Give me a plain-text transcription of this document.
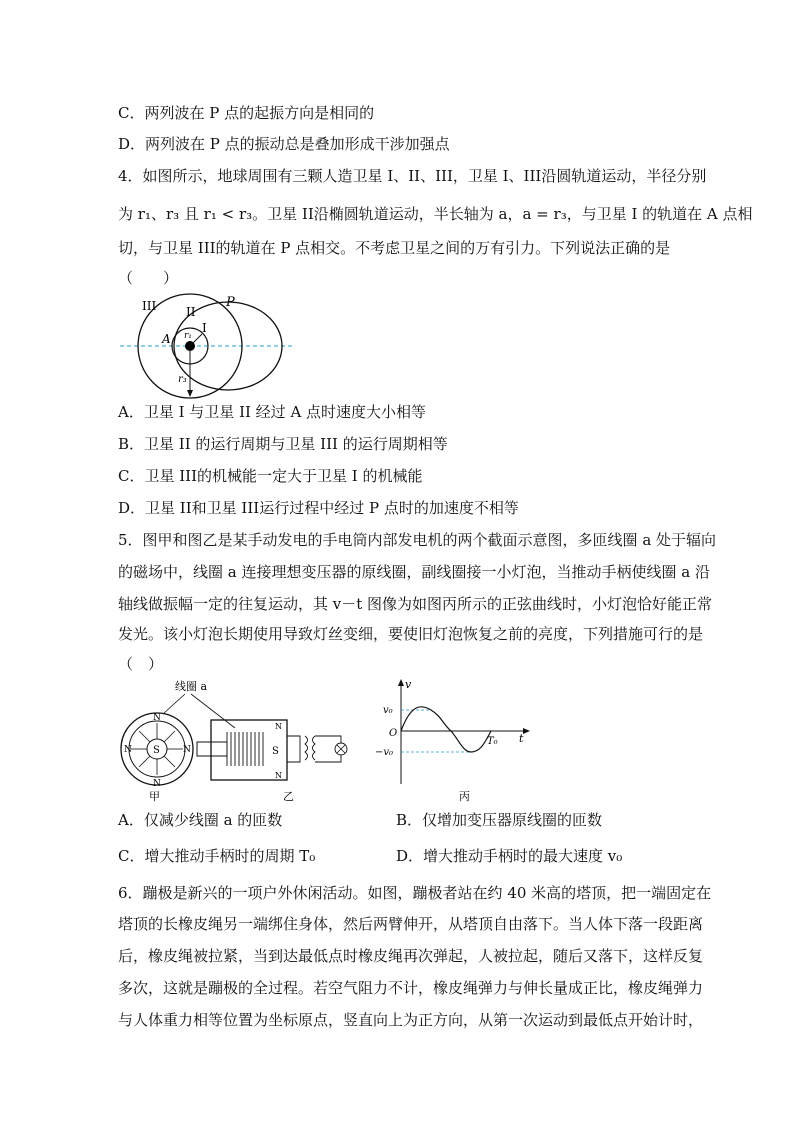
C．两列波在 P 点的起振方向是相同的
D．两列波在 P 点的振动总是叠加形成干涉加强点
4．如图所示，地球周围有三颗人造卫星 I、II、III，卫星 I、III沿圆轨道运动，半径分别
为 r₁、r₃ 且 r₁ < r₃。卫星 II沿椭圆轨道运动，半长轴为 a，a = r₃，与卫星 I 的轨道在 A 点相
切，与卫星 III的轨道在 P 点相交。不考虑卫星之间的万有引力。下列说法正确的是
（　　）
III II
I
P
A r₁
r₃
A．卫星 I 与卫星 II 经过 A 点时速度大小相等
B．卫星 II 的运行周期与卫星 III 的运行周期相等
C．卫星 III的机械能一定大于卫星 I 的机械能
D．卫星 II和卫星 III运行过程中经过 P 点时的加速度不相等
5．图甲和图乙是某手动发电的手电筒内部发电机的两个截面示意图，多匝线圈 a 处于辐向
的磁场中，线圈 a 连接理想变压器的原线圈，副线圈接一小灯泡，当推动手柄使线圈 a 沿
轴线做振幅一定的往复运动，其 v－t 图像为如图丙所示的正弦曲线时，小灯泡恰好能正常
发光。该小灯泡长期使用导致灯丝变细，要使旧灯泡恢复之前的亮度，下列措施可行的是
（　）
线圈 a
S
N
N
N	N
甲
S
N
N
乙
v
t
v₀
−v₀
O
T₀
丙
A．仅减少线圈 a 的匝数	B．仅增加变压器原线圈的匝数
C．增大推动手柄时的周期 T₀	D．增大推动手柄时的最大速度 v₀
6．蹦极是新兴的一项户外休闲活动。如图，蹦极者站在约 40 米高的塔顶，把一端固定在
塔顶的长橡皮绳另一端绑住身体，然后两臂伸开，从塔顶自由落下。当人体下落一段距离
后，橡皮绳被拉紧，当到达最低点时橡皮绳再次弹起，人被拉起，随后又落下，这样反复
多次，这就是蹦极的全过程。若空气阻力不计，橡皮绳弹力与伸长量成正比，橡皮绳弹力
与人体重力相等位置为坐标原点，竖直向上为正方向，从第一次运动到最低点开始计时，
